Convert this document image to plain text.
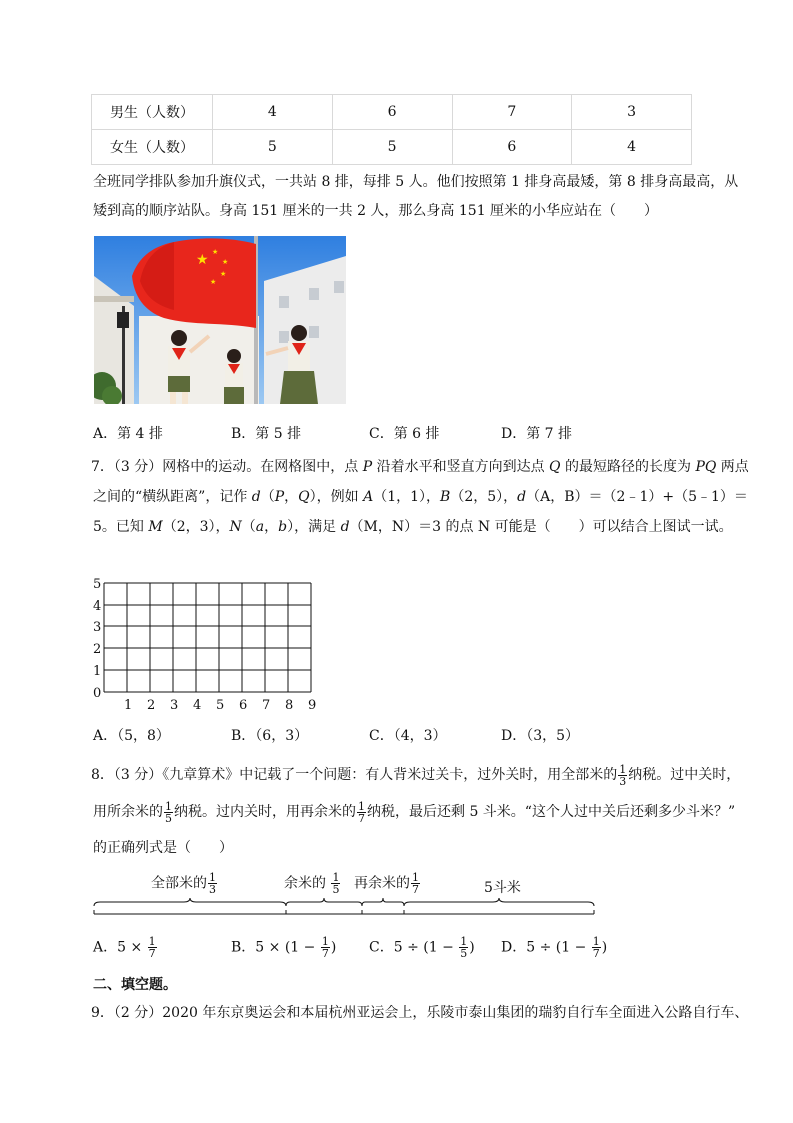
男生（人数）	4	6	7	3
女生（人数）	5	5	6	4
全班同学排队参加升旗仪式，一共站 8 排，每排 5 人。他们按照第 1 排身高最矮，第 8 排身高最高，从
矮到高的顺序站队。身高 151 厘米的一共 2 人，那么身高 151 厘米的小华应站在（　　）
★ ★
★
★
★
A．第 4 排	B．第 5 排	C．第 6 排	D．第 7 排
7．（3 分）网格中的运动。在网格图中，点 P 沿着水平和竖直方向到达点 Q 的最短路径的长度为 PQ 两点
之间的“横纵距离”，记作 d（P，Q），例如 A（1，1），B（2，5），d（A，B）＝（2﹣1）+（5﹣1）＝
5。已知 M（2，3），N（a，b），满足 d（M，N）＝3 的点 N 可能是（　　）可以结合上图试一试。
5
4
3
2
1
0
1 2 3 4 5 6 7 8 9
A．（5，8）	B．（6，3）	C．（4，3）	D．（3，5）
8．（3 分）《九章算术》中记载了一个问题：有人背米过关卡，过外关时，用全部米的 $\frac{1}{3}$ 纳税。过中关时，
用所余米的 $\frac{1}{5}$ 纳税。过内关时，用再余米的 $\frac{1}{7}$ 纳税，最后还剩 5 斗米。“这个人过中关后还剩多少斗米？”
的正确列式是（　　）
全部米的 $\frac{1}{3}$	余米的 $\frac{1}{5}$ 再余米的 $\frac{1}{7}$	5斗米
A．$5 \times \frac{1}{7}$	B．$5 \times (1 - \frac{1}{7}$ ) C．$5 \div (1 - \frac{1}{5}$ ) D．$5 \div (1 - \frac{1}{7}$ )
二、填空题。
9．（2 分）2020 年东京奥运会和本届杭州亚运会上，乐陵市泰山集团的瑞豹自行车全面进入公路自行车、
